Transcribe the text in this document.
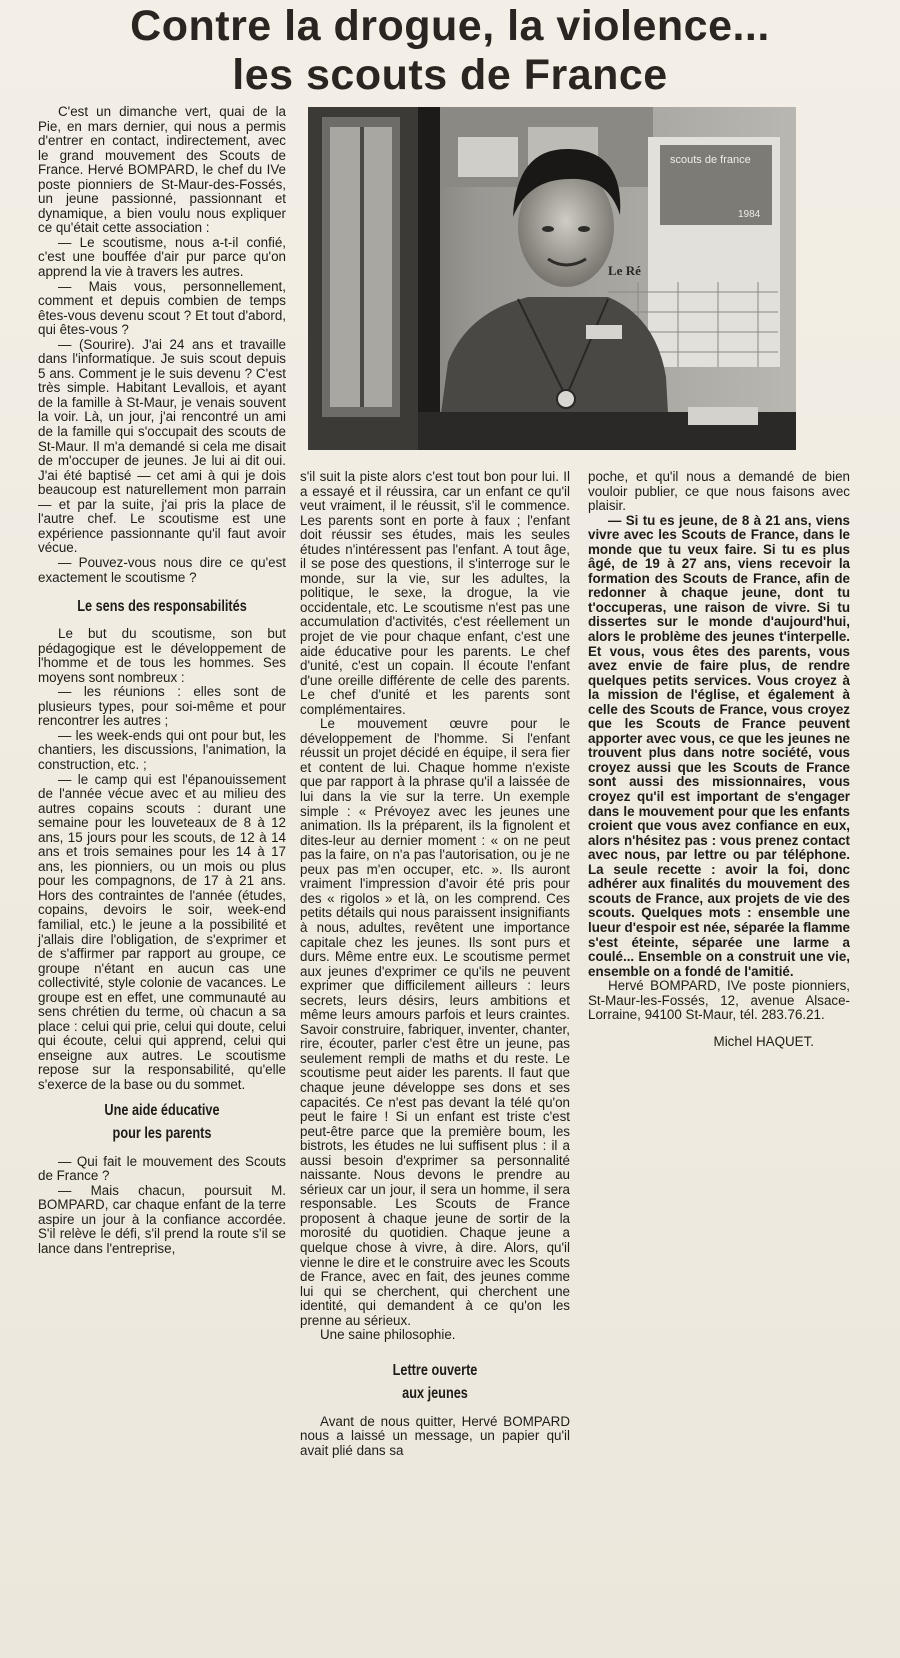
Contre la drogue, la violence...
les scouts de France

C'est un dimanche vert, quai de la Pie, en mars dernier, qui nous a permis d'entrer en contact, indirectement, avec le grand mouvement des Scouts de France. Hervé BOMPARD, le chef du IVe poste pionniers de St-Maur-des-Fossés, un jeune passionné, passionnant et dynamique, a bien voulu nous expliquer ce qu'était cette association :

— Le scoutisme, nous a-t-il confié, c'est une bouffée d'air pur parce qu'on apprend la vie à travers les autres.

— Mais vous, personnellement, comment et depuis combien de temps êtes-vous devenu scout ? Et tout d'abord, qui êtes-vous ?

— (Sourire). J'ai 24 ans et travaille dans l'informatique. Je suis scout depuis 5 ans. Comment je le suis devenu ? C'est très simple. Habitant Levallois, et ayant de la famille à St-Maur, je venais souvent la voir. Là, un jour, j'ai rencontré un ami de la famille qui s'occupait des scouts de St-Maur. Il m'a demandé si cela me disait de m'occuper de jeunes. Je lui ai dit oui. J'ai été baptisé — cet ami à qui je dois beaucoup est naturellement mon parrain — et par la suite, j'ai pris la place de l'autre chef. Le scoutisme est une expérience passionnante qu'il faut avoir vécue.

— Pouvez-vous nous dire ce qu'est exactement le scoutisme ?

Le sens des responsabilités

Le but du scoutisme, son but pédagogique est le développement de l'homme et de tous les hommes. Ses moyens sont nombreux :

— les réunions : elles sont de plusieurs types, pour soi-même et pour rencontrer les autres ;

— les week-ends qui ont pour but, les chantiers, les discussions, l'animation, la construction, etc. ;

— le camp qui est l'épanouissement de l'année vécue avec et au milieu des autres copains scouts : durant une semaine pour les louveteaux de 8 à 12 ans, 15 jours pour les scouts, de 12 à 14 ans et trois semaines pour les 14 à 17 ans, les pionniers, ou un mois ou plus pour les compagnons, de 17 à 21 ans. Hors des contraintes de l'année (études, copains, devoirs le soir, week-end familial, etc.) le jeune a la possibilité et j'allais dire l'obligation, de s'exprimer et de s'affirmer par rapport au groupe, ce groupe n'étant en aucun cas une collectivité, style colonie de vacances. Le groupe est en effet, une communauté au sens chrétien du terme, où chacun a sa place : celui qui prie, celui qui doute, celui qui écoute, celui qui apprend, celui qui enseigne aux autres. Le scoutisme repose sur la responsabilité, qu'elle s'exerce de la base ou du sommet.

Une aide éducative
pour les parents

— Qui fait le mouvement des Scouts de France ?

— Mais chacun, poursuit M. BOMPARD, car chaque enfant de la terre aspire un jour à la confiance accordée. S'il relève le défi, s'il prend la route s'il se lance dans l'entreprise,

scouts de france
1984
Le Ré

s'il suit la piste alors c'est tout bon pour lui. Il a essayé et il réussira, car un enfant ce qu'il veut vraiment, il le réussit, s'il le commence. Les parents sont en porte à faux ; l'enfant doit réussir ses études, mais les seules études n'intéressent pas l'enfant. A tout âge, il se pose des questions, il s'interroge sur le monde, sur la vie, sur les adultes, la politique, le sexe, la drogue, la vie occidentale, etc. Le scoutisme n'est pas une accumulation d'activités, c'est réellement un projet de vie pour chaque enfant, c'est une aide éducative pour les parents. Le chef d'unité, c'est un copain. Il écoute l'enfant d'une oreille différente de celle des parents. Le chef d'unité et les parents sont complémentaires.

Le mouvement œuvre pour le développement de l'homme. Si l'enfant réussit un projet décidé en équipe, il sera fier et content de lui. Chaque homme n'existe que par rapport à la phrase qu'il a laissée de lui dans la vie sur la terre. Un exemple simple : « Prévoyez avec les jeunes une animation. Ils la préparent, ils la fignolent et dites-leur au dernier moment : « on ne peut pas la faire, on n'a pas l'autorisation, ou je ne peux pas m'en occuper, etc. ». Ils auront vraiment l'impression d'avoir été pris pour des « rigolos » et là, on les comprend. Ces petits détails qui nous paraissent insignifiants à nous, adultes, revêtent une importance capitale chez les jeunes. Ils sont purs et durs. Même entre eux. Le scoutisme permet aux jeunes d'exprimer ce qu'ils ne peuvent exprimer que difficilement ailleurs : leurs secrets, leurs désirs, leurs ambitions et même leurs amours parfois et leurs craintes. Savoir construire, fabriquer, inventer, chanter, rire, écouter, parler c'est être un jeune, pas seulement rempli de maths et du reste. Le scoutisme peut aider les parents. Il faut que chaque jeune développe ses dons et ses capacités. Ce n'est pas devant la télé qu'on peut le faire ! Si un enfant est triste c'est peut-être parce que la première boum, les bistrots, les études ne lui suffisent plus : il a aussi besoin d'exprimer sa personnalité naissante. Nous devons le prendre au sérieux car un jour, il sera un homme, il sera responsable. Les Scouts de France proposent à chaque jeune de sortir de la morosité du quotidien. Chaque jeune a quelque chose à vivre, à dire. Alors, qu'il vienne le dire et le construire avec les Scouts de France, avec en fait, des jeunes comme lui qui se cherchent, qui cherchent une identité, qui demandent à ce qu'on les prenne au sérieux.

Une saine philosophie.

Lettre ouverte
aux jeunes

Avant de nous quitter, Hervé BOMPARD nous a laissé un message, un papier qu'il avait plié dans sa

poche, et qu'il nous a demandé de bien vouloir publier, ce que nous faisons avec plaisir.

— Si tu es jeune, de 8 à 21 ans, viens vivre avec les Scouts de France, dans le monde que tu veux faire. Si tu es plus âgé, de 19 à 27 ans, viens recevoir la formation des Scouts de France, afin de redonner à chaque jeune, dont tu t'occuperas, une raison de vivre. Si tu dissertes sur le monde d'aujourd'hui, alors le problème des jeunes t'interpelle. Et vous, vous êtes des parents, vous avez envie de faire plus, de rendre quelques petits services. Vous croyez à la mission de l'église, et également à celle des Scouts de France, vous croyez que les Scouts de France peuvent apporter avec vous, ce que les jeunes ne trouvent plus dans notre société, vous croyez aussi que les Scouts de France sont aussi des missionnaires, vous croyez qu'il est important de s'engager dans le mouvement pour que les enfants croient que vous avez confiance en eux, alors n'hésitez pas : vous prenez contact avec nous, par lettre ou par téléphone. La seule recette : avoir la foi, donc adhérer aux finalités du mouvement des scouts de France, aux projets de vie des scouts. Quelques mots : ensemble une lueur d'espoir est née, séparée la flamme s'est éteinte, séparée une larme a coulé... Ensemble on a construit une vie, ensemble on a fondé de l'amitié.

Hervé BOMPARD, IVe poste pionniers, St-Maur-les-Fossés, 12, avenue Alsace-Lorraine, 94100 St-Maur, tél. 283.76.21.

Michel HAQUET.
